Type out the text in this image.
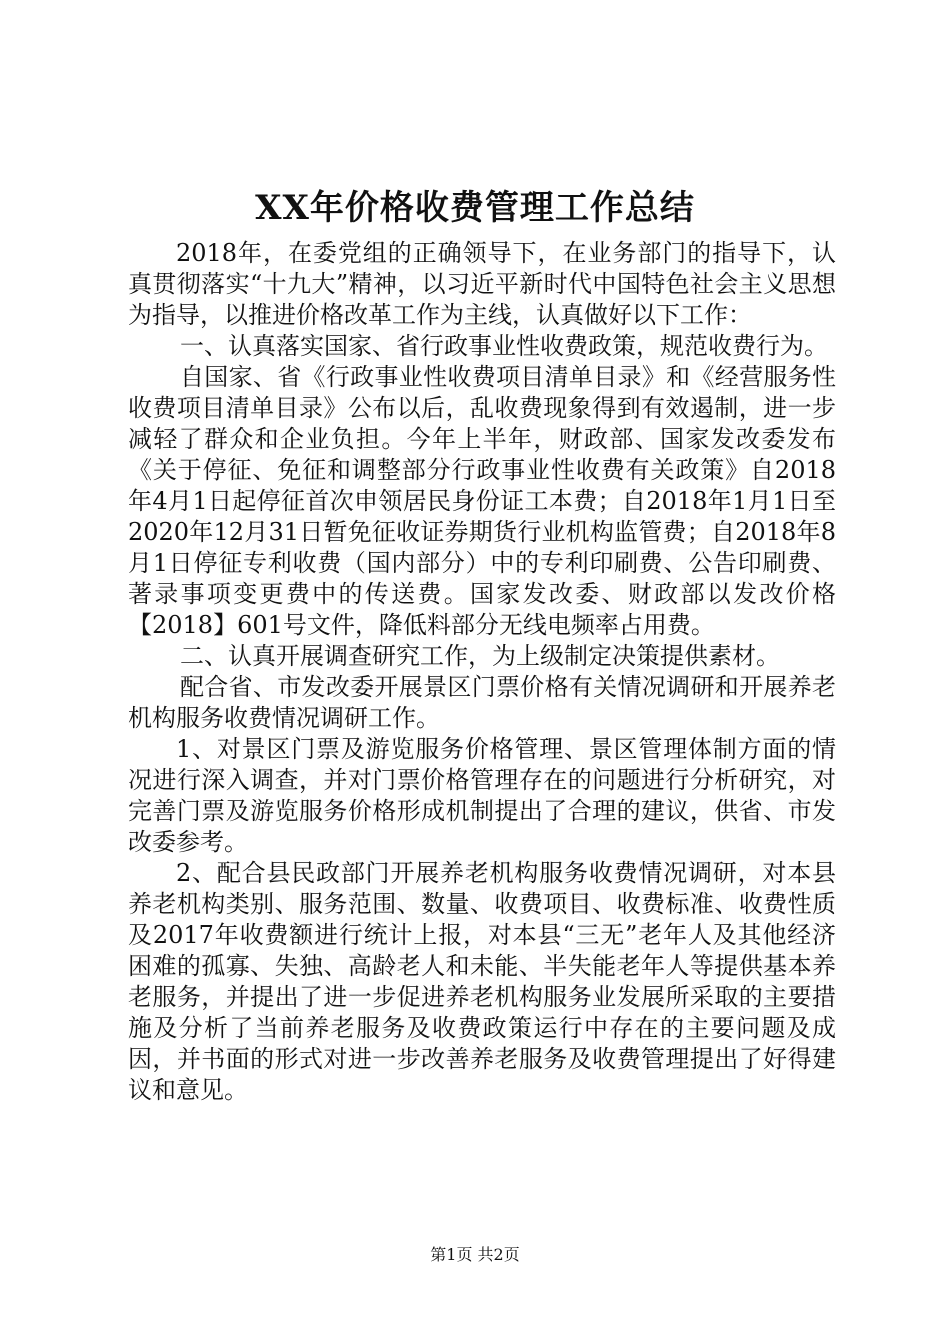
XX年价格收费管理工作总结

2018年，在委党组的正确领导下，在业务部门的指导下，认真贯彻落实“十九大”精神，以习近平新时代中国特色社会主义思想为指导，以推进价格改革工作为主线，认真做好以下工作：

一、认真落实国家、省行政事业性收费政策，规范收费行为。

自国家、省《行政事业性收费项目清单目录》和《经营服务性收费项目清单目录》公布以后，乱收费现象得到有效遏制，进一步减轻了群众和企业负担。今年上半年，财政部、国家发改委发布《关于停征、免征和调整部分行政事业性收费有关政策》自2018年4月1日起停征首次申领居民身份证工本费；自2018年1月1日至2020年12月31日暂免征收证券期货行业机构监管费；自2018年8月1日停征专利收费（国内部分）中的专利印刷费、公告印刷费、著录事项变更费中的传送费。国家发改委、财政部以发改价格【2018】601号文件，降低料部分无线电频率占用费。

二、认真开展调查研究工作，为上级制定决策提供素材。

配合省、市发改委开展景区门票价格有关情况调研和开展养老机构服务收费情况调研工作。

1、对景区门票及游览服务价格管理、景区管理体制方面的情况进行深入调查，并对门票价格管理存在的问题进行分析研究，对完善门票及游览服务价格形成机制提出了合理的建议，供省、市发改委参考。

2、配合县民政部门开展养老机构服务收费情况调研，对本县养老机构类别、服务范围、数量、收费项目、收费标准、收费性质及2017年收费额进行统计上报，对本县“三无”老年人及其他经济困难的孤寡、失独、高龄老人和未能、半失能老年人等提供基本养老服务，并提出了进一步促进养老机构服务业发展所采取的主要措施及分析了当前养老服务及收费政策运行中存在的主要问题及成因，并书面的形式对进一步改善养老服务及收费管理提出了好得建议和意见。

第1页 共2页
